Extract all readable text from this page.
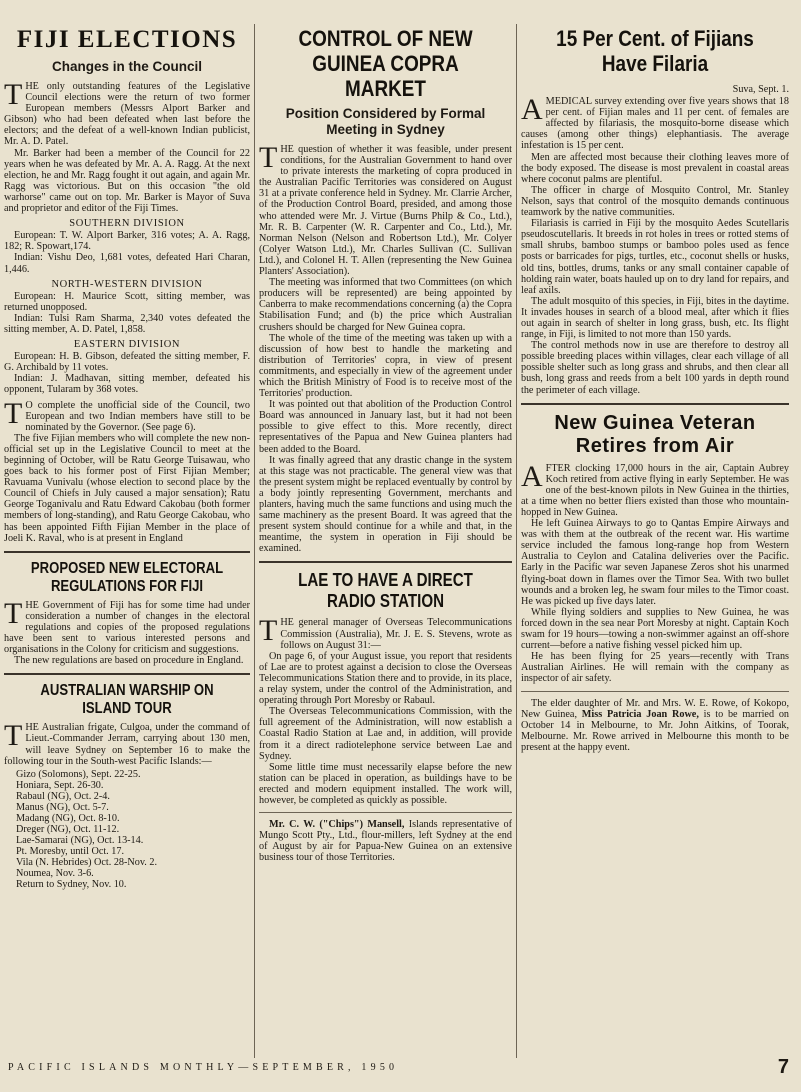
FIJI ELECTIONS
Changes in the Council

THE only outstanding features of the Legislative Council elections were the return of two former European members (Messrs Alport Barker and Gibson) who had been defeated when last before the electors; and the defeat of a well-known Indian publicist, Mr. A. D. Patel.

Mr. Barker had been a member of the Council for 22 years when he was defeated by Mr. A. A. Ragg. At the next election, he and Mr. Ragg fought it out again, and again Mr. Ragg was victorious. But on this occasion "the old warhorse" came out on top. Mr. Barker is Mayor of Suva and proprietor and editor of the Fiji Times.

SOUTHERN DIVISION

European: T. W. Alport Barker, 316 votes; A. A. Ragg, 182; R. Spowart,174.

Indian: Vishu Deo, 1,681 votes, defeated Hari Charan, 1,446.

NORTH-WESTERN DIVISION

European: H. Maurice Scott, sitting member, was returned unopposed.

Indian: Tulsi Ram Sharma, 2,340 votes defeated the sitting member, A. D. Patel, 1,858.

EASTERN DIVISION

European: H. B. Gibson, defeated the sitting member, F. G. Archibald by 11 votes.

Indian: J. Madhavan, sitting member, defeated his opponent, Tularam by 368 votes.

T O complete the unofficial side of the Council, two European and two Indian members have still to be nominated by the Governor. (See page 6).

The five Fijian members who will complete the new non-official set up in the Legislative Council to meet at the beginning of October, will be Ratu George Tuisawau, who goes back to his former post of First Fijian Member; Ravuama Vunivalu (whose election to second place by the Council of Chiefs in July caused a major sensation); Ratu George Toganivalu and Ratu Edward Cakobau (both former members of long-standing), and Ratu George Cakobau, who has been appointed Fifth Fijian Member in the place of Joeli K. Raval, who is at present in England

PROPOSED NEW ELECTORAL REGULATIONS FOR FIJI

THE Government of Fiji has for some time had under consideration a number of changes in the electoral regulations and copies of the proposed regulations have been sent to various interested persons and organisations in the Colony for criticism and suggestions.

The new regulations are based on procedure in England.

AUSTRALIAN WARSHIP ON ISLAND TOUR

THE Australian frigate, Culgoa, under the command of Lieut.-Commander Jerram, carrying about 130 men, will leave Sydney on September 16 to make the following tour in the South-west Pacific Islands:—

Gizo (Solomons), Sept. 22-25.
Honiara, Sept. 26-30.
Rabaul (NG), Oct. 2-4.
Manus (NG), Oct. 5-7.
Madang (NG), Oct. 8-10.
Dreger (NG), Oct. 11-12.
Lae-Samarai (NG), Oct. 13-14.
Pt. Moresby, until Oct. 17.
Vila (N. Hebrides) Oct. 28-Nov. 2.
Noumea, Nov. 3-6.
Return to Sydney, Nov. 10.
CONTROL OF NEW GUINEA COPRA MARKET
Position Considered by Formal Meeting in Sydney

THE question of whether it was feasible, under present conditions, for the Australian Government to hand over to private interests the marketing of copra produced in the Australian Pacific Territories was considered on August 31 at a private conference held in Sydney. Mr. Clarrie Archer, of the Production Control Board, presided, and among those who attended were Mr. J. Virtue (Burns Philp & Co., Ltd.), Mr. R. B. Carpenter (W. R. Carpenter and Co., Ltd.), Mr. Norman Nelson (Nelson and Robertson Ltd.), Mr. Colyer (Colyer Watson Ltd.), Mr. Charles Sullivan (C. Sullivan Ltd.), and Colonel H. T. Allen (representing the New Guinea Planters' Association).

The meeting was informed that two Committees (on which producers will be represented) are being appointed by Canberra to make recommendations concerning (a) the Copra Stabilisation Fund; and (b) the price which Australian crushers should be charged for New Guinea copra.

The whole of the time of the meeting was taken up with a discussion of how best to handle the marketing and distribution of Territories' copra, in view of present commitments, and especially in view of the agreement under which the British Ministry of Food is to receive most of the Territories' production.

It was pointed out that abolition of the Production Control Board was announced in January last, but it had not been possible to give effect to this. More recently, direct representatives of the Papua and New Guinea planters had been added to the Board.

It was finally agreed that any drastic change in the system at this stage was not practicable. The general view was that the present system might be replaced eventually by control by a body jointly representing Government, merchants and planters, having much the same functions and using much the same machinery as the present Board. It was agreed that the present system should continue for a while and that, in the meantime, the system in operation in Fiji should be examined.

LAE TO HAVE A DIRECT RADIO STATION

THE general manager of Overseas Telecommunications Commission (Australia), Mr. J. E. S. Stevens, wrote as follows on August 31:—

On page 6, of your August issue, you report that residents of Lae are to protest against a decision to close the Overseas Telecommunications Station there and to provide, in its place, a relay system, under the control of the Administration, and operating through Port Moresby or Rabaul.

The Overseas Telecommunications Commission, with the full agreement of the Administration, will now establish a Coastal Radio Station at Lae and, in addition, will provide from it a direct radiotelephone service between Lae and Sydney.

Some little time must necessarily elapse before the new station can be placed in operation, as buildings have to be erected and modern equipment installed. The work will, however, be completed as quickly as possible.

Mr. C. W. ("Chips") Mansell, Islands representative of Mungo Scott Pty., Ltd., flour-millers, left Sydney at the end of August by air for Papua-New Guinea on an extensive business tour of those Territories.

15 Per Cent. of Fijians Have Filaria
Suva, Sept. 1.

AMEDICAL survey extending over five years shows that 18 per cent. of Fijian males and 11 per cent. of females are affected by filariasis, the mosquito-borne disease which causes (among other things) elephantiasis. The average infestation is 15 per cent.

Men are affected most because their clothing leaves more of the body exposed. The disease is most prevalent in coastal areas where coconut palms are plentiful.

The officer in charge of Mosquito Control, Mr. Stanley Nelson, says that control of the mosquito demands continuous teamwork by the native communities.

Filariasis is carried in Fiji by the mosquito Aedes Scutellaris pseudoscutellaris. It breeds in rot holes in trees or rotted stems of small shrubs, bamboo stumps or bamboo poles used as fence posts or barricades for pigs, turtles, etc., coconut shells or husks, old tins, bottles, drums, tanks or any small container capable of holding rain water, boats hauled up on to dry land for repairs, and leaf axils.

The adult mosquito of this species, in Fiji, bites in the daytime. It invades houses in search of a blood meal, after which it flies out again in search of shelter in long grass, bush, etc. Its flight range, in Fiji, is limited to not more than 150 yards.

The control methods now in use are therefore to destroy all possible breeding places within villages, clear each village of all possible shelter such as long grass and shrubs, and then clear all bush, long grass and reeds from a belt 100 yards in depth round the perimeter of each village.

New Guinea Veteran Retires from Air

AFTER clocking 17,000 hours in the air, Captain Aubrey Koch retired from active flying in early September. He was one of the best-known pilots in New Guinea in the thirties, at a time when no better fliers existed than those who mountain-hopped in New Guinea.

He left Guinea Airways to go to Qantas Empire Airways and was with them at the outbreak of the recent war. His wartime service included the famous long-range hop from Western Australia to Ceylon and Catalina deliveries over the Pacific. Early in the Pacific war seven Japanese Zeros shot his unarmed flying-boat down in flames over the Timor Sea. With two bullet wounds and a broken leg, he swam four miles to the Timor coast. He was picked up five days later.

While flying soldiers and supplies to New Guinea, he was forced down in the sea near Port Moresby at night. Captain Koch swam for 19 hours—towing a non-swimmer against an off-shore current—before a native fishing vessel picked him up.

He has been flying for 25 years—recently with Trans Australian Airlines. He will remain with the company as inspector of air safety.

The elder daughter of Mr. and Mrs. W. E. Rowe, of Kokopo, New Guinea, Miss Patricia Joan Rowe, is to be married on October 14 in Melbourne, to Mr. John Aitkins, of Toorak, Melbourne. Mr. Rowe arrived in Melbourne this month to be present at the happy event.

PACIFIC ISLANDS MONTHLY—SEPTEMBER, 1950	7
